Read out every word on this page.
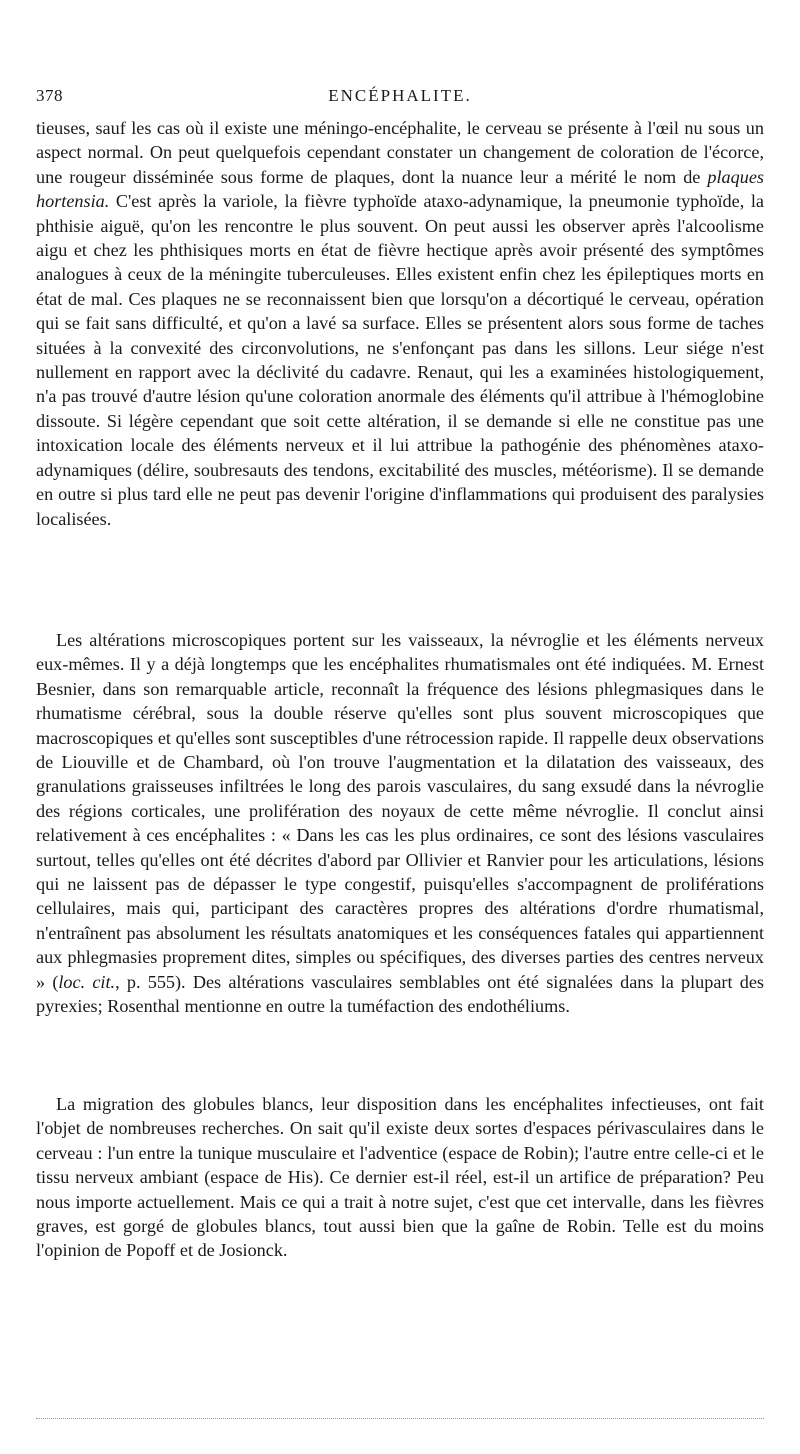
378	ENCÉPHALITE.

tieuses, sauf les cas où il existe une méningo-encéphalite, le cerveau se présente à l'œil nu sous un aspect normal. On peut quelquefois cependant constater un changement de coloration de l'écorce, une rougeur disséminée sous forme de plaques, dont la nuance leur a mérité le nom de plaques hortensia. C'est après la variole, la fièvre typhoïde ataxo-adynamique, la pneumonie typhoïde, la phthisie aiguë, qu'on les rencontre le plus souvent. On peut aussi les observer après l'alcoolisme aigu et chez les phthisiques morts en état de fièvre hectique après avoir présenté des symptômes analogues à ceux de la méningite tuberculeuses. Elles existent enfin chez les épileptiques morts en état de mal. Ces plaques ne se reconnaissent bien que lorsqu'on a décortiqué le cerveau, opération qui se fait sans difficulté, et qu'on a lavé sa surface. Elles se présentent alors sous forme de taches situées à la convexité des circonvolutions, ne s'enfonçant pas dans les sillons. Leur siége n'est nullement en rapport avec la déclivité du cadavre. Renaut, qui les a examinées histologiquement, n'a pas trouvé d'autre lésion qu'une coloration anormale des éléments qu'il attribue à l'hémoglobine dissoute. Si légère cependant que soit cette altération, il se demande si elle ne constitue pas une intoxication locale des éléments nerveux et il lui attribue la pathogénie des phénomènes ataxo-adynamiques (délire, soubresauts des tendons, excitabilité des muscles, météorisme). Il se demande en outre si plus tard elle ne peut pas devenir l'origine d'inflammations qui produisent des paralysies localisées.

Les altérations microscopiques portent sur les vaisseaux, la névroglie et les éléments nerveux eux-mêmes. Il y a déjà longtemps que les encéphalites rhumatismales ont été indiquées. M. Ernest Besnier, dans son remarquable article, reconnaît la fréquence des lésions phlegmasiques dans le rhumatisme cérébral, sous la double réserve qu'elles sont plus souvent microscopiques que macroscopiques et qu'elles sont susceptibles d'une rétrocession rapide. Il rappelle deux observations de Liouville et de Chambard, où l'on trouve l'augmentation et la dilatation des vaisseaux, des granulations graisseuses infiltrées le long des parois vasculaires, du sang exsudé dans la névroglie des régions corticales, une prolifération des noyaux de cette même névroglie. Il conclut ainsi relativement à ces encéphalites : « Dans les cas les plus ordinaires, ce sont des lésions vasculaires surtout, telles qu'elles ont été décrites d'abord par Ollivier et Ranvier pour les articulations, lésions qui ne laissent pas de dépasser le type congestif, puisqu'elles s'accompagnent de proliférations cellulaires, mais qui, participant des caractères propres des altérations d'ordre rhumatismal, n'entraînent pas absolument les résultats anatomiques et les conséquences fatales qui appartiennent aux phlegmasies proprement dites, simples ou spécifiques, des diverses parties des centres nerveux » (loc. cit., p. 555). Des altérations vasculaires semblables ont été signalées dans la plupart des pyrexies; Rosenthal mentionne en outre la tuméfaction des endothéliums.

La migration des globules blancs, leur disposition dans les encéphalites infectieuses, ont fait l'objet de nombreuses recherches. On sait qu'il existe deux sortes d'espaces périvasculaires dans le cerveau : l'un entre la tunique musculaire et l'adventice (espace de Robin); l'autre entre celle-ci et le tissu nerveux ambiant (espace de His). Ce dernier est-il réel, est-il un artifice de préparation? Peu nous importe actuellement. Mais ce qui a trait à notre sujet, c'est que cet intervalle, dans les fièvres graves, est gorgé de globules blancs, tout aussi bien que la gaîne de Robin. Telle est du moins l'opinion de Popoff et de Josionck.
